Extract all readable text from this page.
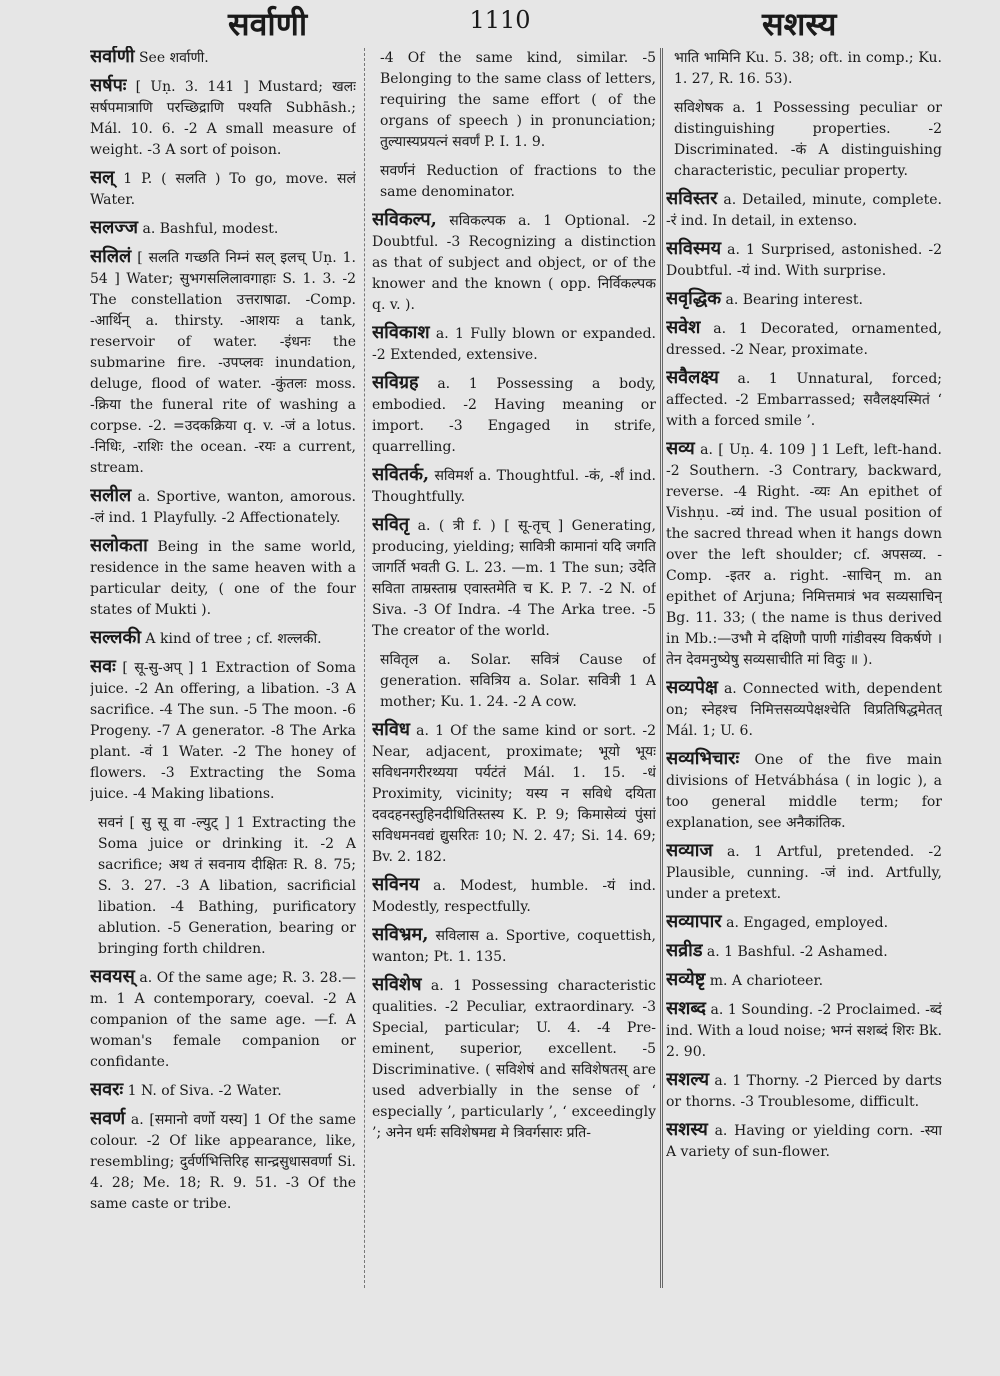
सर्वाणी	1110	सशस्य
सर्वाणी See शर्वाणी.
सर्षपः [ Uṇ. 3. 141 ] Mustard; खलः सर्षपमात्राणि परच्छिद्राणि पश्यति Subhāsh.; Mál. 10. 6. -2 A small measure of weight. -3 A sort of poison.
सल् 1 P. ( सलति ) To go, move. सलं Water.
सलज्ज a. Bashful, modest.
सलिलं [ सलति गच्छति निम्नं सल् इलच् Uṇ. 1. 54 ] Water; सुभगसलिलावगाहाः S. 1. 3. -2 The constellation उत्तराषाढा. -Comp. -आर्थिन् a. thirsty. -आशयः a tank, reservoir of water. -इंधनः the submarine fire. -उपप्लवः inundation, deluge, flood of water. -कुंतलः moss. -क्रिया the funeral rite of washing a corpse. -2. =उदकक्रिया q. v. -जं a lotus. -निधिः, -राशिः the ocean. -रयः a current, stream.
सलील a. Sportive, wanton, amorous. -लं ind. 1 Playfully. -2 Affectionately.
सलोकता Being in the same world, residence in the same heaven with a particular deity, ( one of the four states of Mukti ).
सल्लकी A kind of tree ; cf. शल्लकी.
सवः [ सू-सु-अप् ] 1 Extraction of Soma juice. -2 An offering, a libation. -3 A sacrifice. -4 The sun. -5 The moon. -6 Progeny. -7 A generator. -8 The Arka plant. -वं 1 Water. -2 The honey of flowers. -3 Extracting the Soma juice. -4 Making libations.
सवनं [ सु सू वा -ल्युट् ] 1 Extracting the Soma juice or drinking it. -2 A sacrifice; अथ तं सवनाय दीक्षितः R. 8. 75; S. 3. 27. -3 A libation, sacrificial libation. -4 Bathing, purificatory ablution. -5 Generation, bearing or bringing forth children.
सवयस् a. Of the same age; R. 3. 28.—m. 1 A contemporary, coeval. -2 A companion of the same age. —f. A woman's female companion or confidante.
सवरः 1 N. of Siva. -2 Water.
सवर्ण a. [समानो वर्णो यस्य] 1 Of the same colour. -2 Of like appearance, like, resembling; दुर्वर्णभित्तिरिह सान्द्रसुधासवर्णा Si. 4. 28; Me. 18; R. 9. 51. -3 Of the same caste or tribe.
-4 Of the same kind, similar. -5 Belonging to the same class of letters, requiring the same effort ( of the organs of speech ) in pronunciation; तुल्यास्यप्रयत्नं सवर्णं P. I. 1. 9.
सवर्णनं Reduction of fractions to the same denominator.
सविकल्प, सविकल्पक a. 1 Optional. -2 Doubtful. -3 Recognizing a distinction as that of subject and object, or of the knower and the known ( opp. निर्विकल्पक q. v. ).
सविकाश a. 1 Fully blown or expanded. -2 Extended, extensive.
सविग्रह a. 1 Possessing a body, embodied. -2 Having meaning or import. -3 Engaged in strife, quarrelling.
सवितर्क, सविमर्श a. Thoughtful. -कं, -र्शं ind. Thoughtfully.
सवितृ a. ( त्री f. ) [ सू-तृच् ] Generating, producing, yielding; सावित्री कामानां यदि जगति जागर्ति भवती G. L. 23. —m. 1 The sun; उदेति सविता ताम्रस्ताम्र एवास्तमेति च K. P. 7. -2 N. of Siva. -3 Of Indra. -4 The Arka tree. -5 The creator of the world.
सवितृल a. Solar. सवित्रं Cause of generation. सवित्रिय a. Solar. सवित्री 1 A mother; Ku. 1. 24. -2 A cow.
सविध a. 1 Of the same kind or sort. -2 Near, adjacent, proximate; भूयो भूयः सविधनगरीरथ्यया पर्यटंतं Mál. 1. 15. -धं Proximity, vicinity; यस्य न सविधे दयिता दवदहनस्तुहिनदीधितिस्तस्य K. P. 9; किमासेव्यं पुंसां सविधमनवद्यं द्युसरितः 10; N. 2. 47; Si. 14. 69; Bv. 2. 182.
सविनय a. Modest, humble. -यं ind. Modestly, respectfully.
सविभ्रम, सविलास a. Sportive, coquettish, wanton; Pt. 1. 135.
सविशेष a. 1 Possessing characteristic qualities. -2 Peculiar, extraordinary. -3 Special, particular; U. 4. -4 Pre-eminent, superior, excellent. -5 Discriminative. ( सविशेषं and सविशेषतस् are used adverbially in the sense of ‘ especially ’, particularly ’, ‘ exceedingly ’; अनेन धर्मः सविशेषमद्य मे त्रिवर्गसारः प्रति-
भाति भामिनि Ku. 5. 38; oft. in comp.; Ku. 1. 27, R. 16. 53).
सविशेषक a. 1 Possessing peculiar or distinguishing properties. -2 Discriminated. -कं A distinguishing characteristic, peculiar property.
सविस्तर a. Detailed, minute, complete. -रं ind. In detail, in extenso.
सविस्मय a. 1 Surprised, astonished. -2 Doubtful. -यं ind. With surprise.
सवृद्धिक a. Bearing interest.
सवेश a. 1 Decorated, ornamented, dressed. -2 Near, proximate.
सवैलक्ष्य a. 1 Unnatural, forced; affected. -2 Embarrassed; सवैलक्ष्यस्मितं ‘ with a forced smile ’.
सव्य a. [ Uṇ. 4. 109 ] 1 Left, left-hand. -2 Southern. -3 Contrary, backward, reverse. -4 Right. -व्यः An epithet of Vishṇu. -व्यं ind. The usual position of the sacred thread when it hangs down over the left shoulder; cf. अपसव्य. -Comp. -इतर a. right. -साचिन् m. an epithet of Arjuna; निमित्तमात्रं भव सव्यसाचिन् Bg. 11. 33; ( the name is thus derived in Mb.:—उभौ मे दक्षिणौ पाणी गांडीवस्य विकर्षणे । तेन देवमनुष्येषु सव्यसाचीति मां विदुः ॥ ).
सव्यपेक्ष a. Connected with, dependent on; स्नेहश्च निमित्तसव्यपेक्षश्चेति विप्रतिषिद्धमेतत् Mál. 1; U. 6.
सव्यभिचारः One of the five main divisions of Hetvábhása ( in logic ), a too general middle term; for explanation, see अनैकांतिक.
सव्याज a. 1 Artful, pretended. -2 Plausible, cunning. -जं ind. Artfully, under a pretext.
सव्यापार a. Engaged, employed.
सव्रीड a. 1 Bashful. -2 Ashamed.
सव्येष्टृ m. A charioteer.
सशब्द a. 1 Sounding. -2 Proclaimed. -ब्दं ind. With a loud noise; भग्नं सशब्दं शिरः Bk. 2. 90.
सशल्य a. 1 Thorny. -2 Pierced by darts or thorns. -3 Troublesome, difficult.
सशस्य a. Having or yielding corn. -स्या A variety of sun-flower.
